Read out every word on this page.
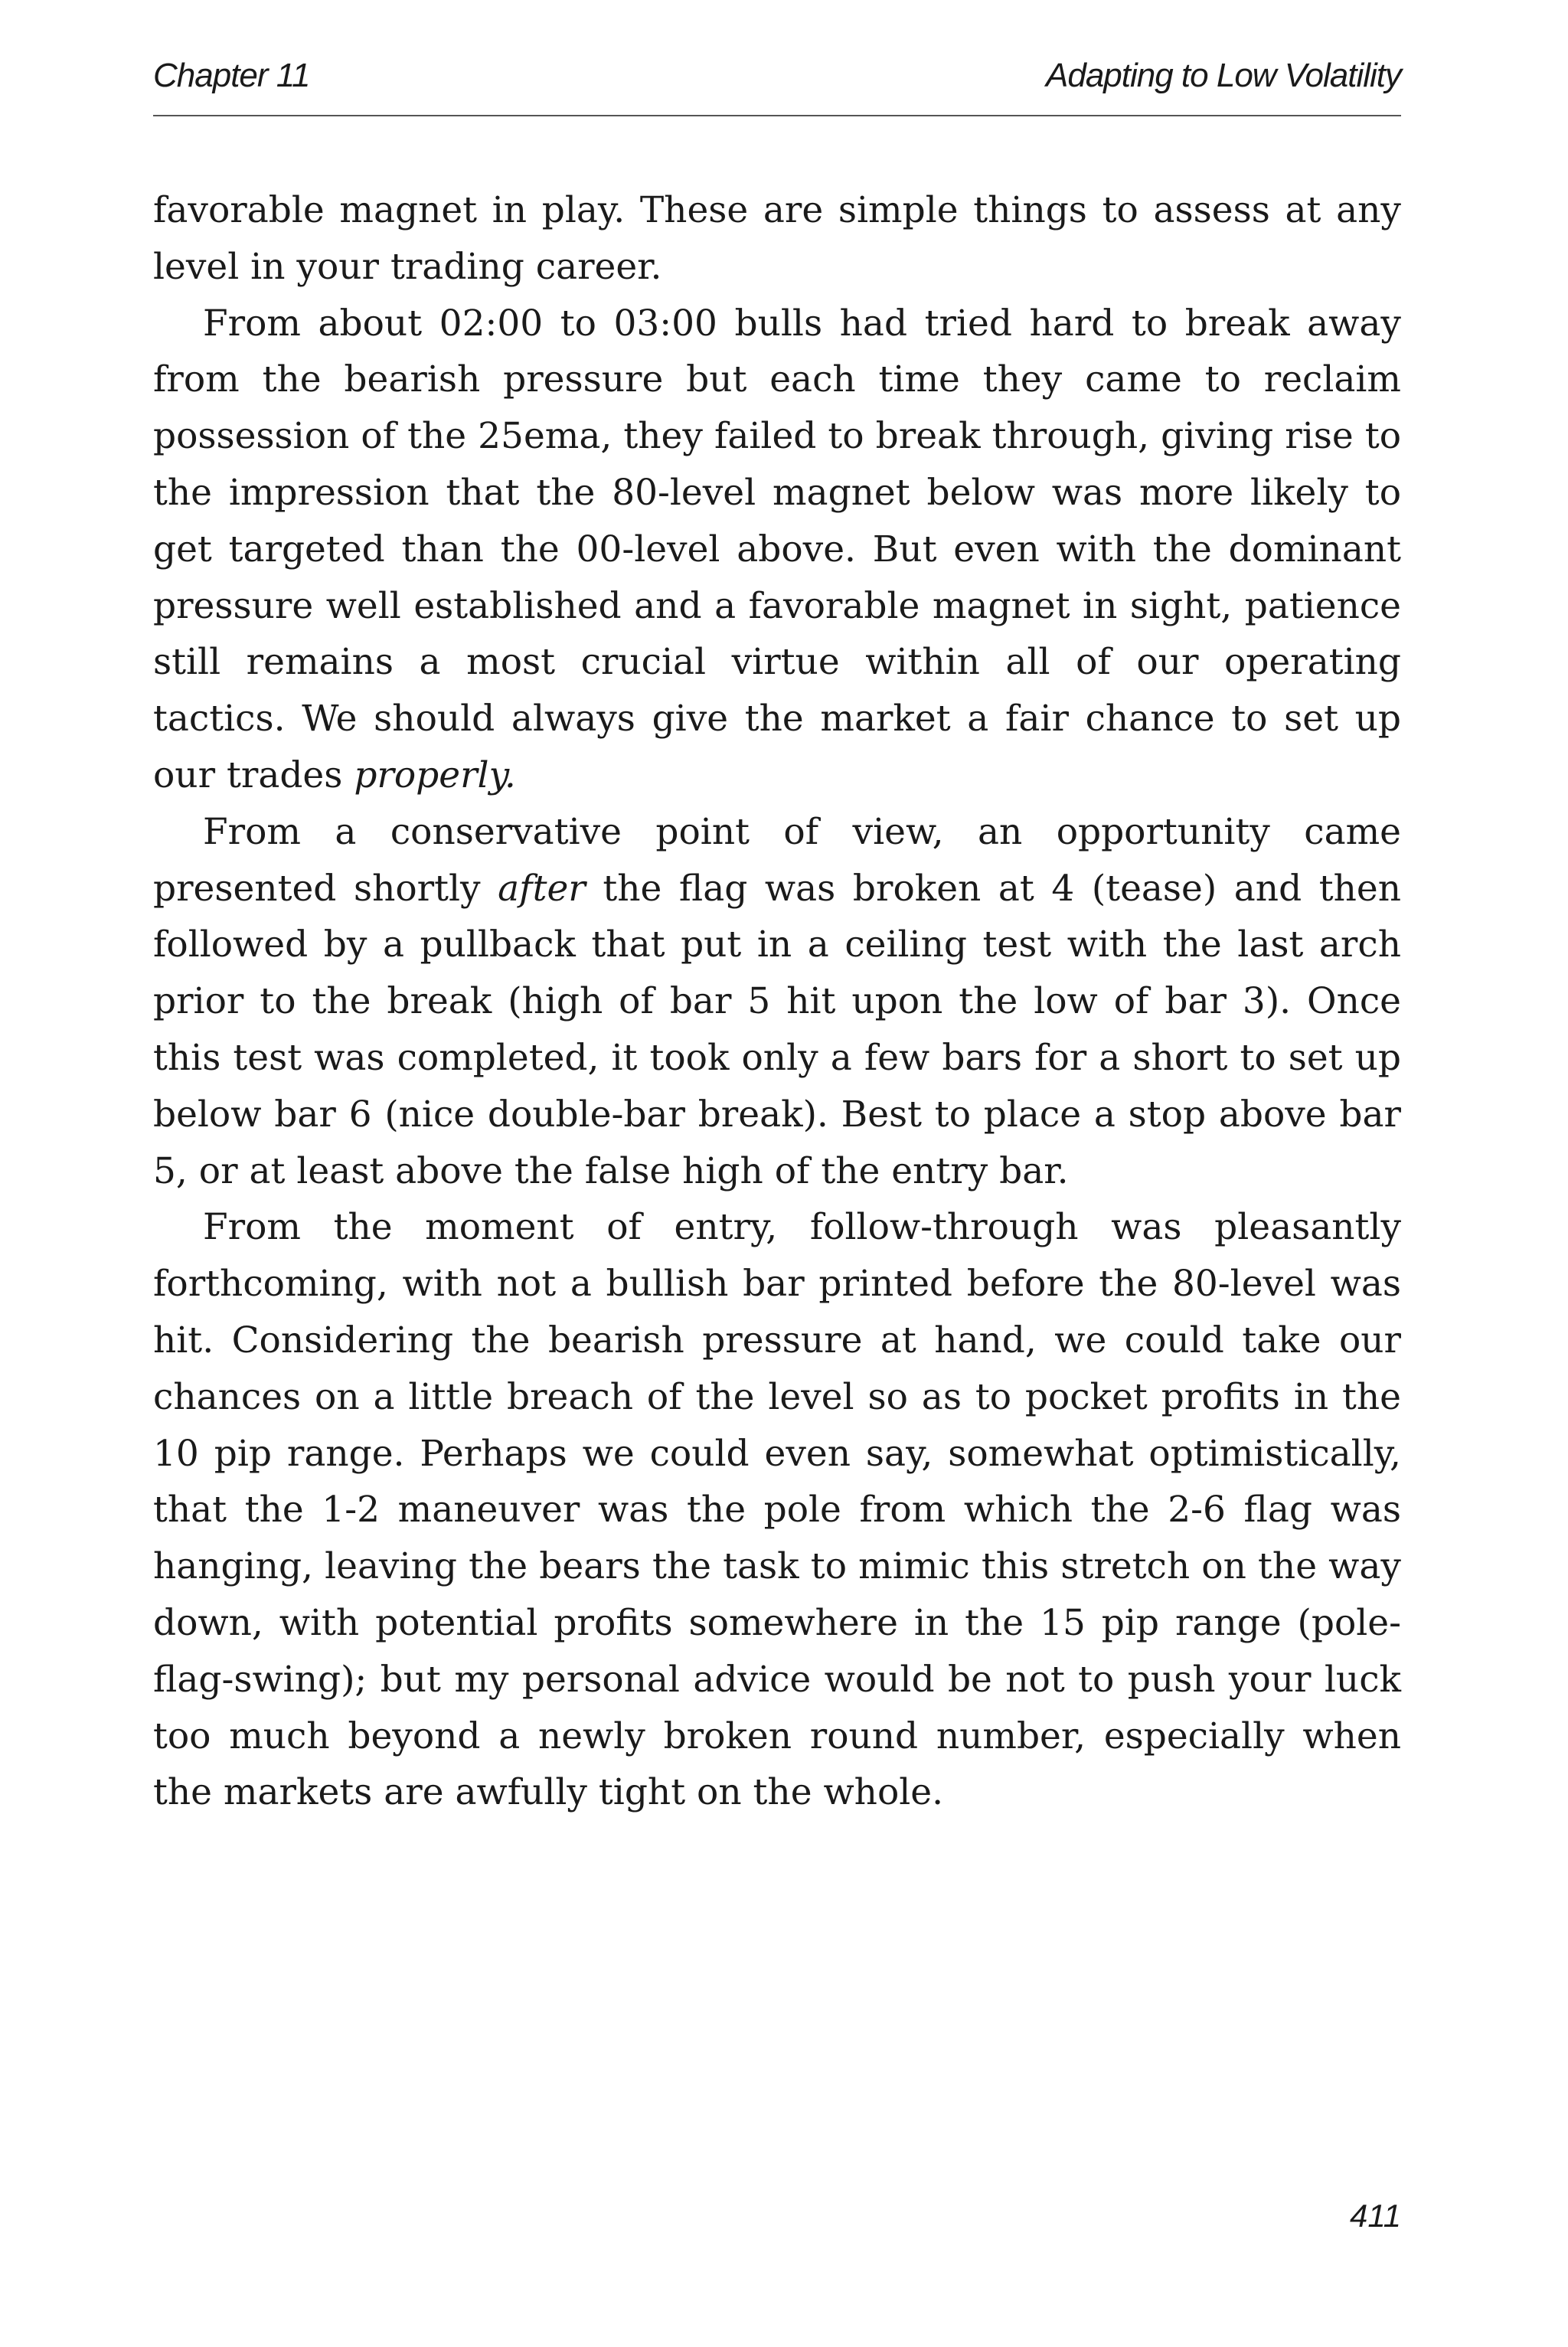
Chapter 11	Adapting to Low Volatility

favorable magnet in play. These are simple things to assess at any level in your trading career.

From about 02:00 to 03:00 bulls had tried hard to break away from the bearish pressure but each time they came to reclaim possession of the 25ema, they failed to break through, giving rise to the impression that the 80-level magnet below was more likely to get targeted than the 00-level above. But even with the dominant pressure well established and a favorable magnet in sight, patience still remains a most crucial virtue within all of our operating tactics. We should always give the market a fair chance to set up our trades properly.

From a conservative point of view, an opportunity came presented shortly after the flag was broken at 4 (tease) and then followed by a pullback that put in a ceiling test with the last arch prior to the break (high of bar 5 hit upon the low of bar 3). Once this test was completed, it took only a few bars for a short to set up below bar 6 (nice double-bar break). Best to place a stop above bar 5, or at least above the false high of the entry bar.

From the moment of entry, follow-through was pleasantly forthcoming, with not a bullish bar printed before the 80-level was hit. Considering the bearish pressure at hand, we could take our chances on a little breach of the level so as to pocket profits in the 10 pip range. Perhaps we could even say, somewhat optimistically, that the 1-2 maneuver was the pole from which the 2-6 flag was hanging, leaving the bears the task to mimic this stretch on the way down, with potential profits somewhere in the 15 pip range (pole-flag-swing); but my personal advice would be not to push your luck too much beyond a newly broken round number, especially when the markets are awfully tight on the whole.

411
